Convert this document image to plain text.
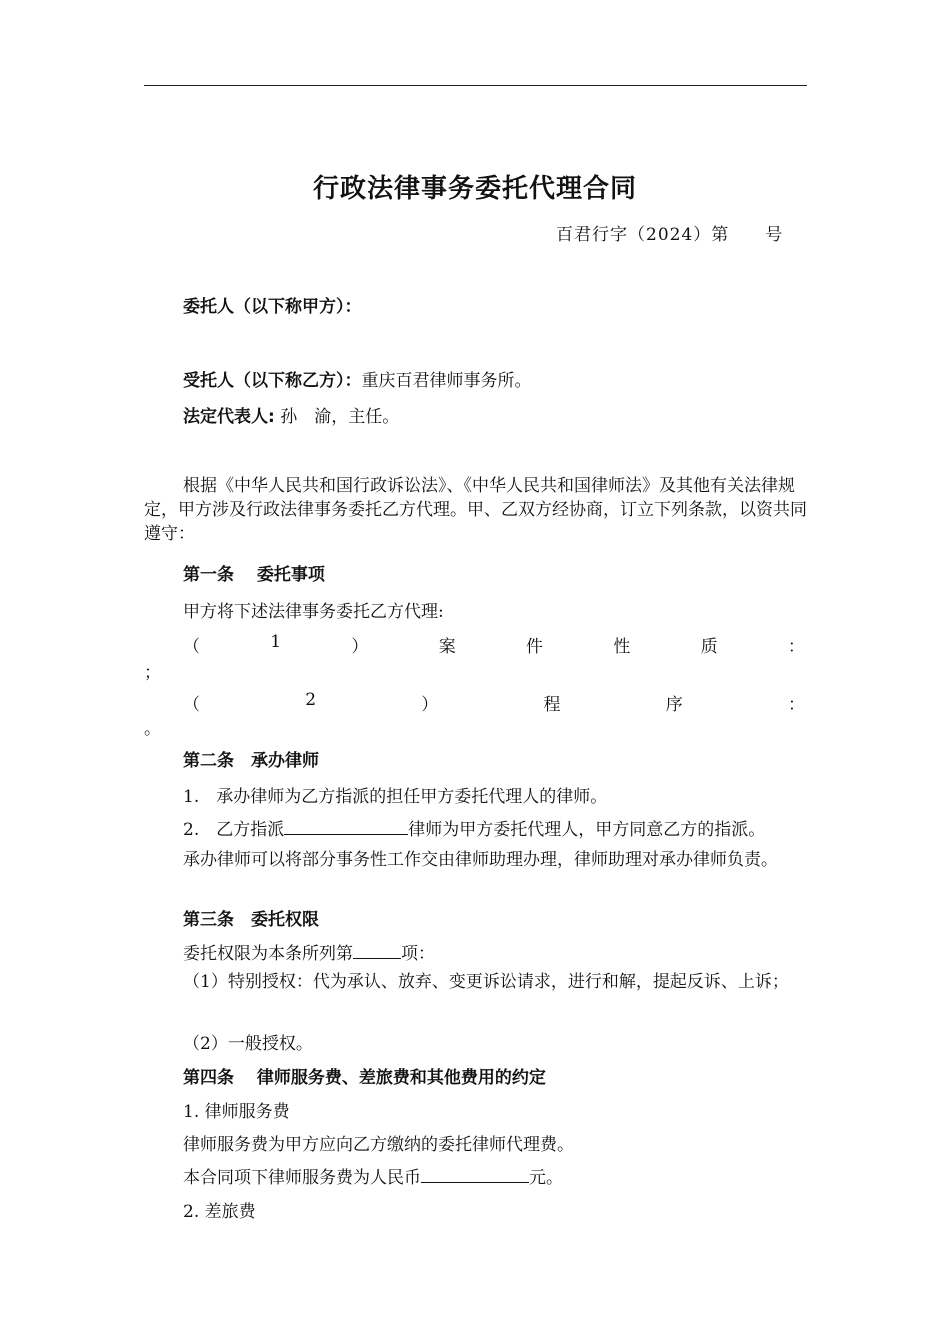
行政法律事务委托代理合同
百君行字（2024）第　　号
委托人（以下称甲方）：
受托人（以下称乙方）：重庆百君律师事务所。
法定代表人: 孙　渝，主任。
根据《中华人民共和国行政诉讼法》、《中华人民共和国律师法》及其他有关法律规定，甲方涉及行政法律事务委托乙方代理。甲、乙双方经协商，订立下列条款，以资共同遵守：
第一条　 委托事项
甲方将下述法律事务委托乙方代理:
（	1	）	案	件	性	质	：
；
（	2	）	程	序	：
。
第二条　承办律师
1.　承办律师为乙方指派的担任甲方委托代理人的律师。
2.　乙方指派	律师为甲方委托代理人，甲方同意乙方的指派。
承办律师可以将部分事务性工作交由律师助理办理，律师助理对承办律师负责。
第三条　委托权限
委托权限为本条所列第	项：
（1）特别授权：代为承认、放弃、变更诉讼请求，进行和解，提起反诉、上诉；
（2）一般授权。
第四条　 律师服务费、差旅费和其他费用的约定
1. 律师服务费
律师服务费为甲方应向乙方缴纳的委托律师代理费。
本合同项下律师服务费为人民币	元。
2. 差旅费
